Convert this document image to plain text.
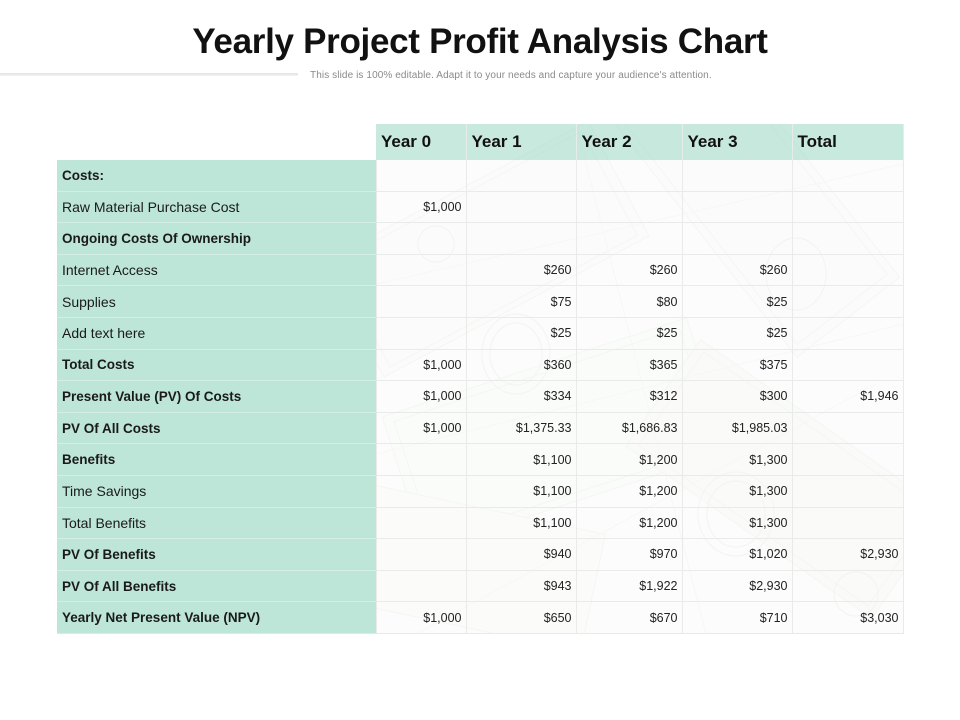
Yearly Project Profit Analysis Chart
This slide is 100% editable. Adapt it to your needs and capture your audience's attention.
	Year 0	Year 1	Year 2	Year 3	Total
Costs:					
Raw Material Purchase Cost	$1,000				
Ongoing Costs Of Ownership					
Internet Access		$260	$260	$260	
Supplies		$75	$80	$25	
Add text here		$25	$25	$25	
Total Costs	$1,000	$360	$365	$375	
Present Value (PV) Of Costs	$1,000	$334	$312	$300	$1,946
PV Of All Costs	$1,000	$1,375.33	$1,686.83	$1,985.03	
Benefits		$1,100	$1,200	$1,300	
Time Savings		$1,100	$1,200	$1,300	
Total Benefits		$1,100	$1,200	$1,300	
PV Of Benefits		$940	$970	$1,020	$2,930
PV Of All Benefits		$943	$1,922	$2,930	
Yearly Net Present Value (NPV)	$1,000	$650	$670	$710	$3,030
